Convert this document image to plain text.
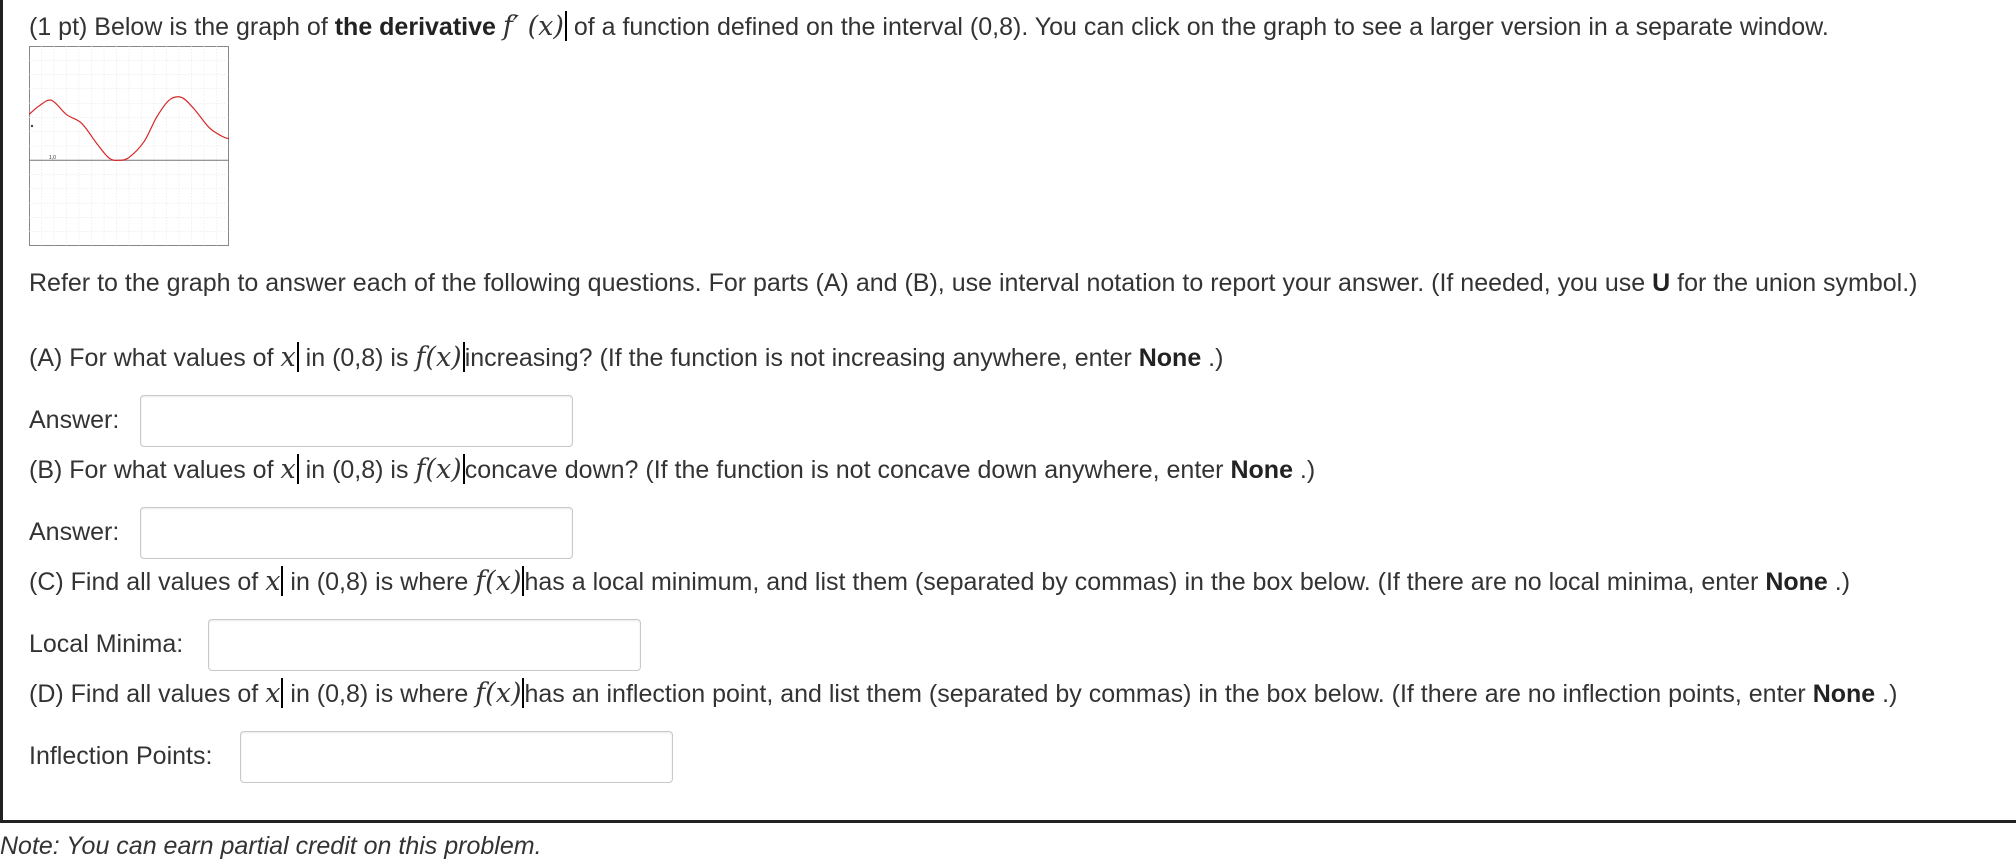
(1 pt) Below is the graph of the derivative f′ (x) of a function defined on the interval (0,8). You can click on the graph to see a larger version in a separate window.
1,0
Refer to the graph to answer each of the following questions. For parts (A) and (B), use interval notation to report your answer. (If needed, you use U for the union symbol.)
(A) For what values of x in (0,8) is f(x) increasing? (If the function is not increasing anywhere, enter None .)
Answer:
(B) For what values of x in (0,8) is f(x) concave down? (If the function is not concave down anywhere, enter None .)
Answer:
(C) Find all values of x in (0,8) is where f(x) has a local minimum, and list them (separated by commas) in the box below. (If there are no local minima, enter None .)
Local Minima:
(D) Find all values of x in (0,8) is where f(x) has an inflection point, and list them (separated by commas) in the box below. (If there are no inflection points, enter None .)
Inflection Points:
Note: You can earn partial credit on this problem.
